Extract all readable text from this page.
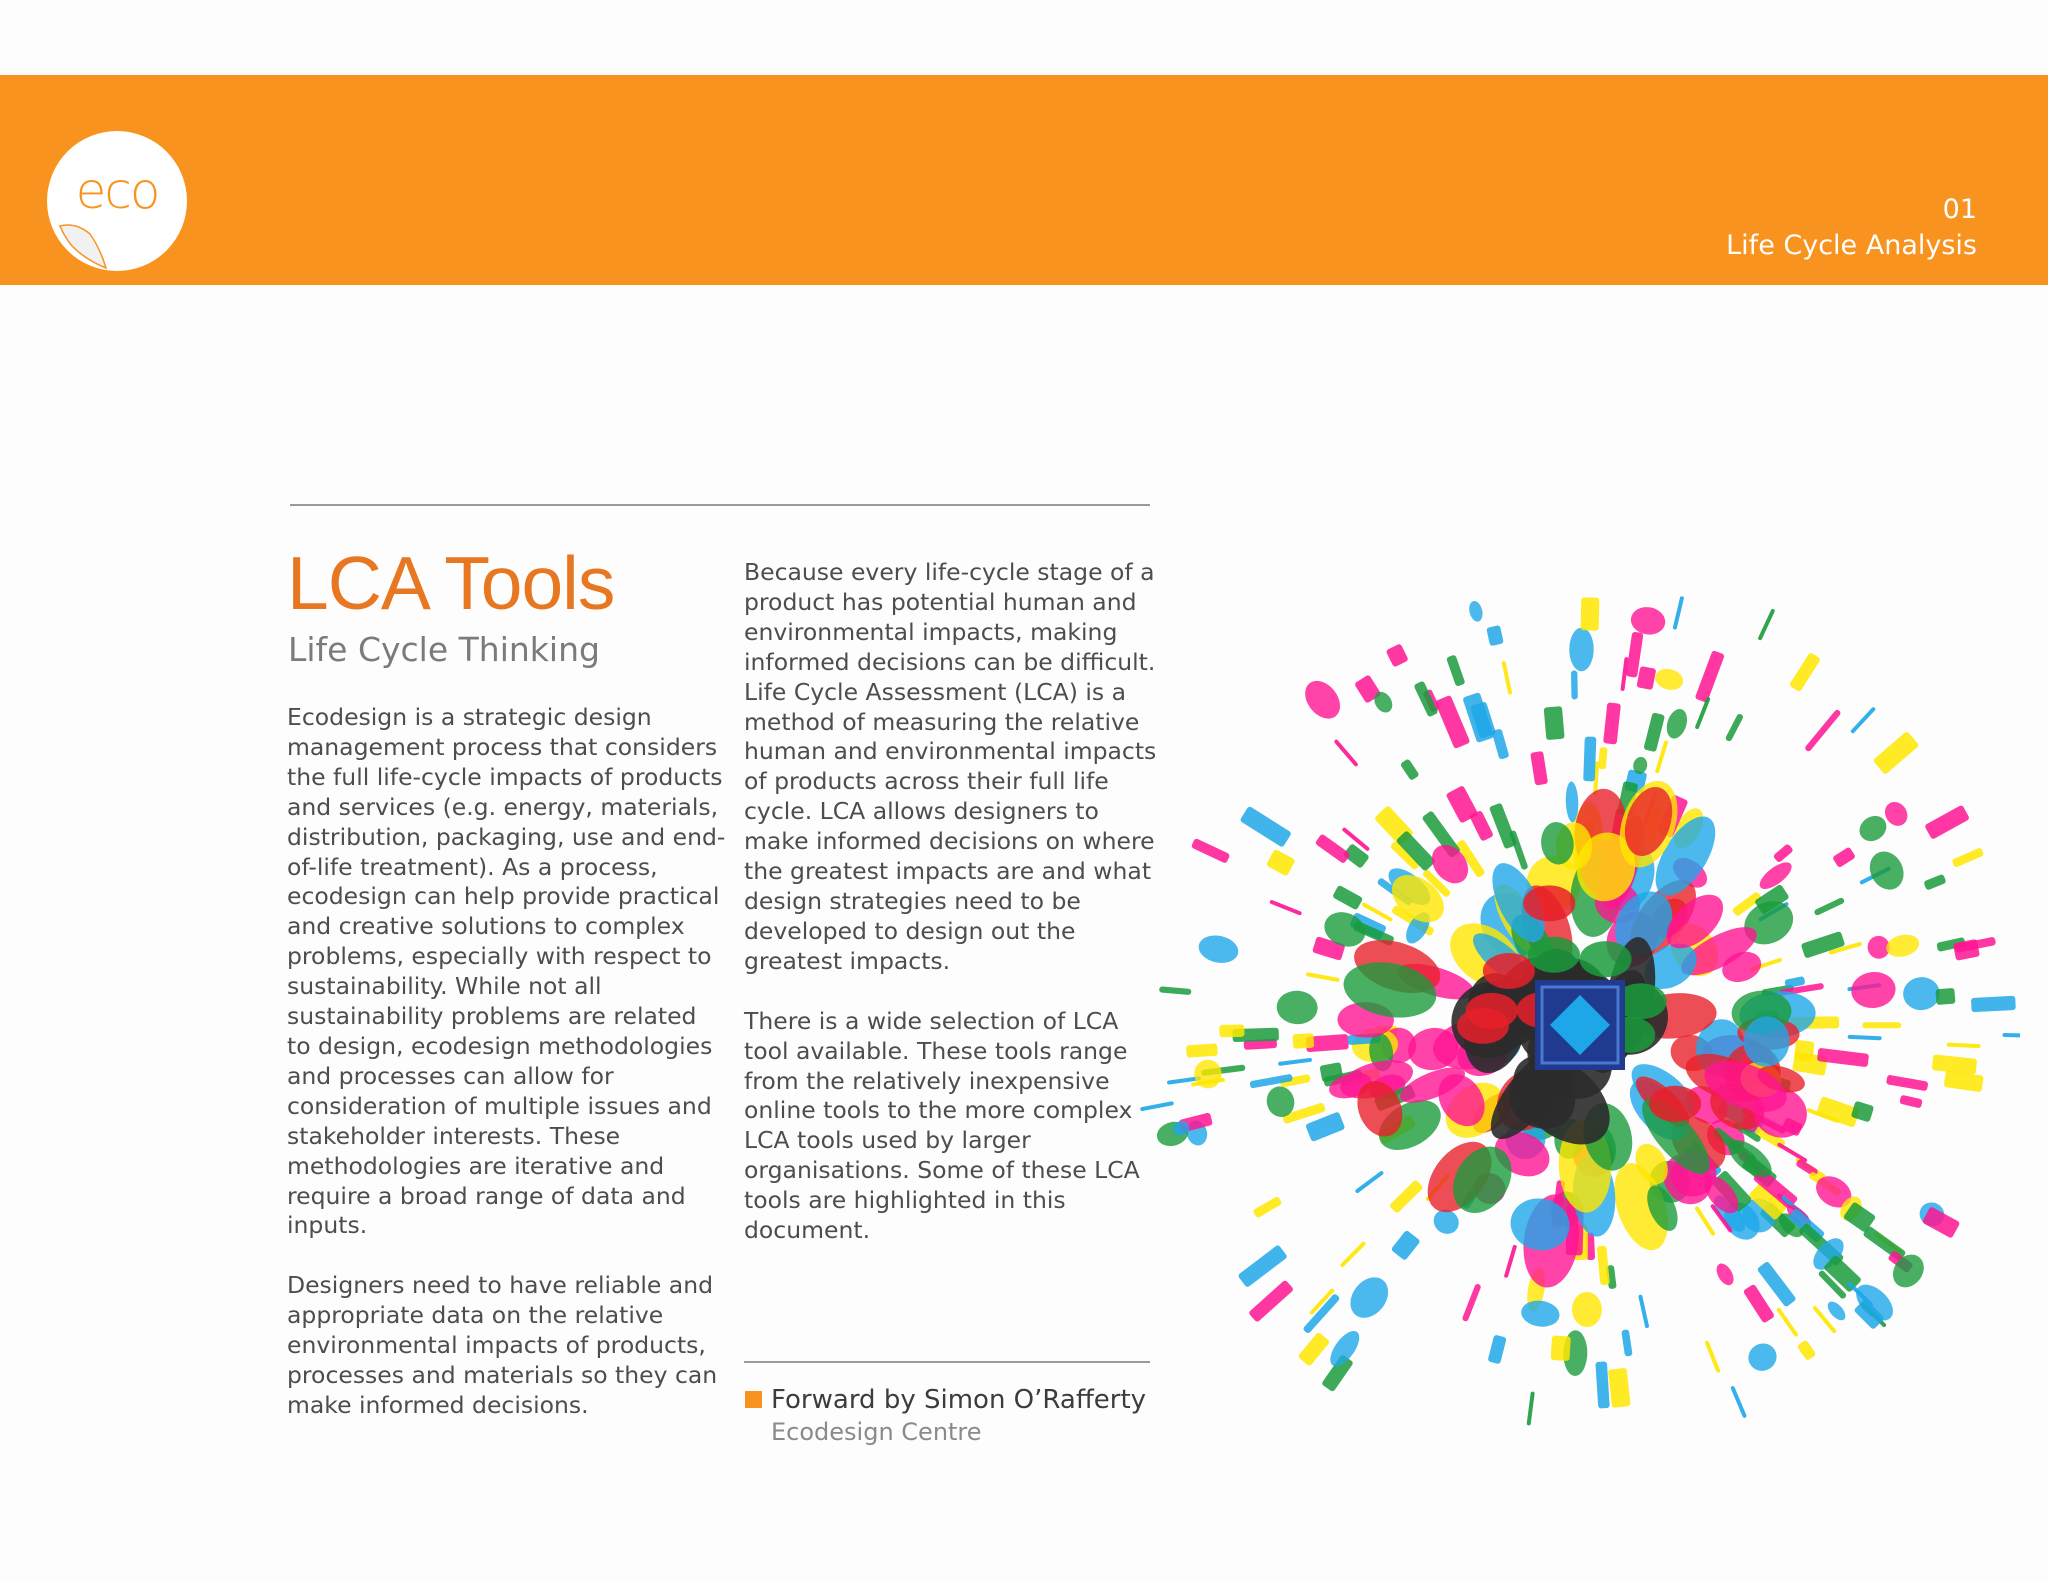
eco	01
Life Cycle Analysis
LCA Tools
Life Cycle Thinking

Ecodesign is a strategic design management process that considers the full life-cycle impacts of products and services (e.g. energy, materials, distribution, packaging, use and end-of-life treatment). As a process, ecodesign can help provide practical and creative solutions to complex problems, especially with respect to sustainability. While not all sustainability problems are related to design, ecodesign methodologies and processes can allow for consideration of multiple issues and stakeholder interests. These methodologies are iterative and require a broad range of data and inputs.

Designers need to have reliable and appropriate data on the relative environmental impacts of products, processes and materials so they can make informed decisions.

Because every life-cycle stage of a product has potential human and environmental impacts, making informed decisions can be difficult. Life Cycle Assessment (LCA) is a method of measuring the relative human and environmental impacts of products across their full life cycle. LCA allows designers to make informed decisions on where the greatest impacts are and what design strategies need to be developed to design out the greatest impacts.

There is a wide selection of LCA tool available. These tools range from the relatively inexpensive online tools to the more complex LCA tools used by larger organisations. Some of these LCA tools are highlighted in this document.

Forward by Simon O’Rafferty
Ecodesign Centre
